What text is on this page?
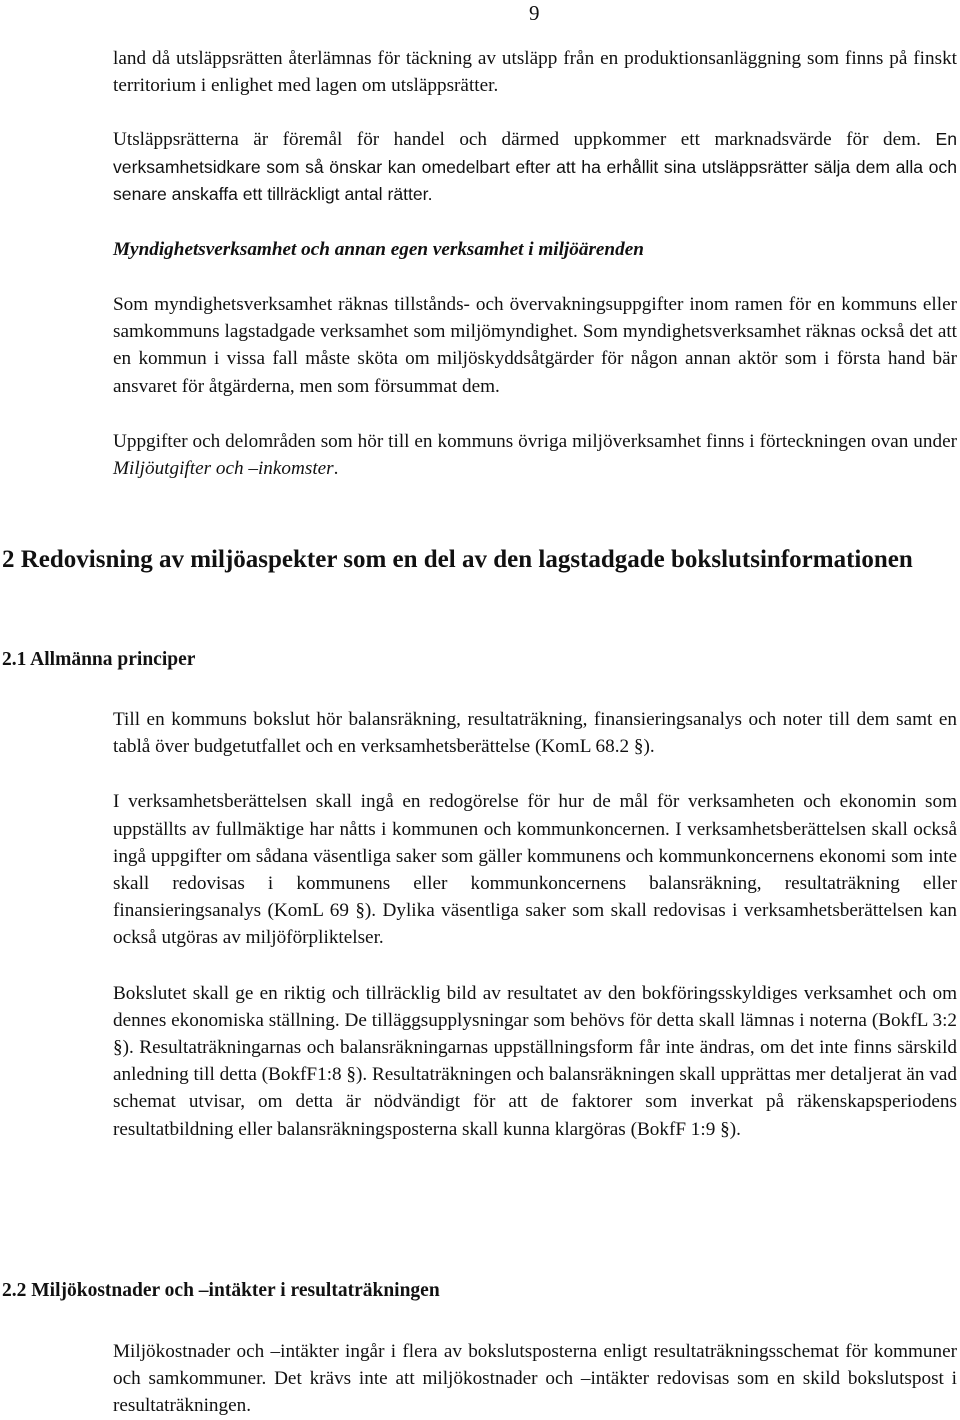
9

land då utsläppsrätten återlämnas för täckning av utsläpp från en produktionsanläggning som finns på finskt territorium i enlighet med lagen om utsläppsrätter.

Utsläppsrätterna är föremål för handel och därmed uppkommer ett marknadsvärde för dem. En verksamhetsidkare som så önskar kan omedelbart efter att ha erhållit sina utsläppsrätter sälja dem alla och senare anskaffa ett tillräckligt antal rätter.

Myndighetsverksamhet och annan egen verksamhet i miljöärenden

Som myndighetsverksamhet räknas tillstånds- och övervakningsuppgifter inom ramen för en kommuns eller samkommuns lagstadgade verksamhet som miljömyndighet. Som myndighetsverksamhet räknas också det att en kommun i vissa fall måste sköta om miljöskyddsåtgärder för någon annan aktör som i första hand bär ansvaret för åtgärderna, men som försummat dem.

Uppgifter och delområden som hör till en kommuns övriga miljöverksamhet finns i förteckningen ovan under Miljöutgifter och –inkomster.

2 Redovisning av miljöaspekter som en del av den lagstadgade bokslutsinformationen
2.1 Allmänna principer

Till en kommuns bokslut hör balansräkning, resultaträkning, finansieringsanalys och noter till dem samt en tablå över budgetutfallet och en verksamhetsberättelse (KomL 68.2 §).

I verksamhetsberättelsen skall ingå en redogörelse för hur de mål för verksamheten och ekonomin som uppställts av fullmäktige har nåtts i kommunen och kommunkoncernen. I verksamhetsberättelsen skall också ingå uppgifter om sådana väsentliga saker som gäller kommunens och kommunkoncernens ekonomi som inte skall redovisas i kommunens eller kommunkoncernens balansräkning, resultaträkning eller finansieringsanalys (KomL 69 §). Dylika väsentliga saker som skall redovisas i verksamhetsberättelsen kan också utgöras av miljöförpliktelser.

Bokslutet skall ge en riktig och tillräcklig bild av resultatet av den bokföringsskyldiges verksamhet och om dennes ekonomiska ställning. De tilläggsupplysningar som behövs för detta skall lämnas i noterna (BokfL 3:2 §). Resultaträkningarnas och balansräkningarnas uppställningsform får inte ändras, om det inte finns särskild anledning till detta (BokfF1:8 §). Resultaträkningen och balansräkningen skall upprättas mer detaljerat än vad schemat utvisar, om detta är nödvändigt för att de faktorer som inverkat på räkenskapsperiodens resultatbildning eller balansräkningsposterna skall kunna klargöras (BokfF 1:9 §).

2.2 Miljökostnader och –intäkter i resultaträkningen

Miljökostnader och –intäkter ingår i flera av bokslutsposterna enligt resultaträkningsschemat för kommuner och samkommuner. Det krävs inte att miljökostnader och –intäkter redovisas som en skild bokslutspost i resultaträkningen.
